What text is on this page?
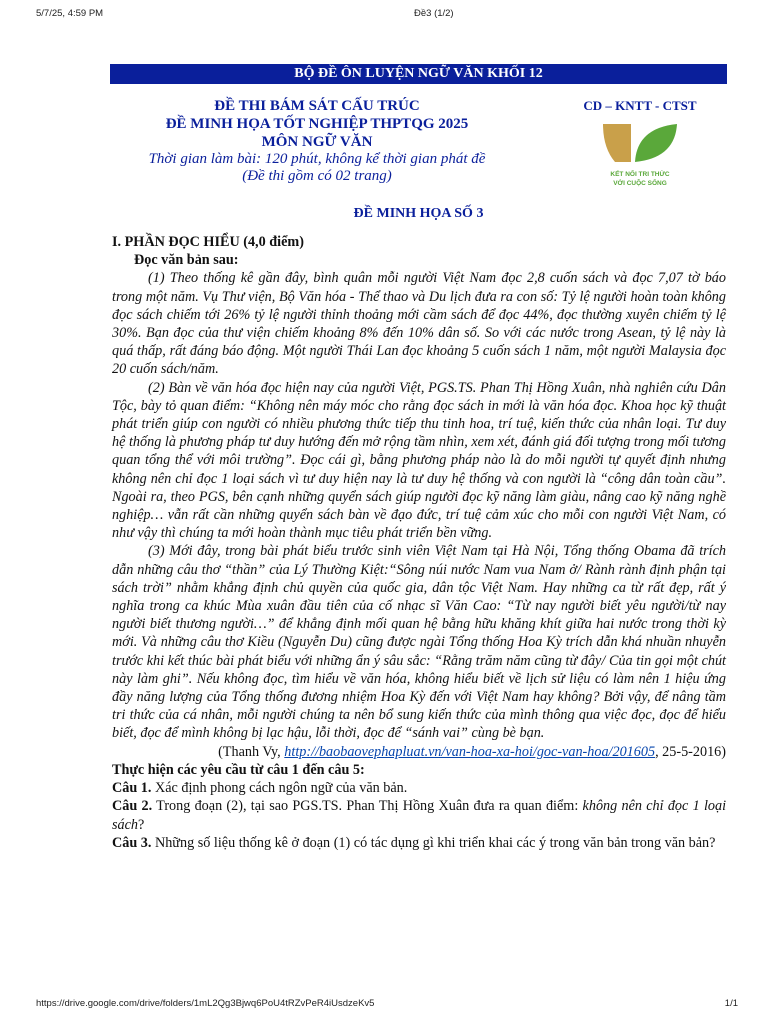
5/7/25, 4:59 PM	Đề3 (1/2)
BỘ ĐỀ ÔN LUYỆN NGỮ VĂN KHỐI 12
ĐỀ THI BÁM SÁT CẤU TRÚC
ĐỀ MINH HỌA TỐT NGHIỆP THPTQG 2025
MÔN NGỮ VĂN
Thời gian làm bài: 120 phút, không kể thời gian phát đề
(Đề thi gồm có 02 trang)
CD – KNTT - CTST
KẾT NỐI TRI THỨC
VỚI CUỘC SỐNG
ĐỀ MINH HỌA SỐ 3

I. PHẦN ĐỌC HIỂU (4,0 điểm)

Đọc văn bản sau:

(1) Theo thống kê gần đây, bình quân mỗi người Việt Nam đọc 2,8 cuốn sách và đọc 7,07 tờ báo trong một năm. Vụ Thư viện, Bộ Văn hóa - Thể thao và Du lịch đưa ra con số: Tỷ lệ người hoàn toàn không đọc sách chiếm tới 26% tỷ lệ người thỉnh thoảng mới cầm sách để đọc 44%, đọc thường xuyên chiếm tỷ lệ 30%. Bạn đọc của thư viện chiếm khoảng 8% đến 10% dân số. So với các nước trong Asean, tỷ lệ này là quá thấp, rất đáng báo động. Một người Thái Lan đọc khoảng 5 cuốn sách 1 năm, một người Malaysia đọc 20 cuốn sách/năm.

(2) Bàn về văn hóa đọc hiện nay của người Việt, PGS.TS. Phan Thị Hồng Xuân, nhà nghiên cứu Dân Tộc, bày tỏ quan điểm: “Không nên máy móc cho rằng đọc sách in mới là văn hóa đọc. Khoa học kỹ thuật phát triển giúp con người có nhiều phương thức tiếp thu tinh hoa, trí tuệ, kiến thức của nhân loại. Tư duy hệ thống là phương pháp tư duy hướng đến mở rộng tầm nhìn, xem xét, đánh giá đối tượng trong mối tương quan tổng thể với môi trường”. Đọc cái gì, bằng phương pháp nào là do mỗi người tự quyết định nhưng không nên chỉ đọc 1 loại sách vì tư duy hiện nay là tư duy hệ thống và con người là “công dân toàn cầu”. Ngoài ra, theo PGS, bên cạnh những quyển sách giúp người đọc kỹ năng làm giàu, nâng cao kỹ năng nghề nghiệp… vẫn rất cần những quyển sách bàn về đạo đức, trí tuệ cảm xúc cho mỗi con người Việt Nam, có như vậy thì chúng ta mới hoàn thành mục tiêu phát triển bền vững.

(3) Mới đây, trong bài phát biểu trước sinh viên Việt Nam tại Hà Nội, Tổng thống Obama đã trích dẫn những câu thơ “thần” của Lý Thường Kiệt:“Sông núi nước Nam vua Nam ở/ Rành rành định phận tại sách trời” nhằm khẳng định chủ quyền của quốc gia, dân tộc Việt Nam. Hay những ca từ rất đẹp, rất ý nghĩa trong ca khúc Mùa xuân đầu tiên của cố nhạc sĩ Văn Cao: “Từ nay người biết yêu người/từ nay người biết thương người…” để khẳng định mối quan hệ bằng hữu khăng khít giữa hai nước trong thời kỳ mới. Và những câu thơ Kiều (Nguyễn Du) cũng được ngài Tổng thống Hoa Kỳ trích dẫn khá nhuần nhuyễn trước khi kết thúc bài phát biểu với những ẩn ý sâu sắc: “Rằng trăm năm cũng từ đây/ Của tin gọi một chút này làm ghi”. Nếu không đọc, tìm hiểu về văn hóa, không hiểu biết về lịch sử liệu có làm nên 1 hiệu ứng đầy năng lượng của Tổng thống đương nhiệm Hoa Kỳ đến với Việt Nam hay không? Bởi vậy, để nâng tầm tri thức của cá nhân, mỗi người chúng ta nên bổ sung kiến thức của mình thông qua việc đọc, đọc để hiểu biết, đọc để mình không bị lạc hậu, lỗi thời, đọc để “sánh vai” cùng bè bạn.

(Thanh Vy, http://baobaovephapluat.vn/van-hoa-xa-hoi/goc-van-hoa/201605, 25-5-2016)

Thực hiện các yêu cầu từ câu 1 đến câu 5:

Câu 1. Xác định phong cách ngôn ngữ của văn bản.

Câu 2. Trong đoạn (2), tại sao PGS.TS. Phan Thị Hồng Xuân đưa ra quan điểm: không nên chỉ đọc 1 loại sách?

Câu 3. Những số liệu thống kê ở đoạn (1) có tác dụng gì khi triển khai các ý trong văn bản trong văn bản?

https://drive.google.com/drive/folders/1mL2Qg3Bjwq6PoU4tRZvPeR4iUsdzeKv5	1/1
